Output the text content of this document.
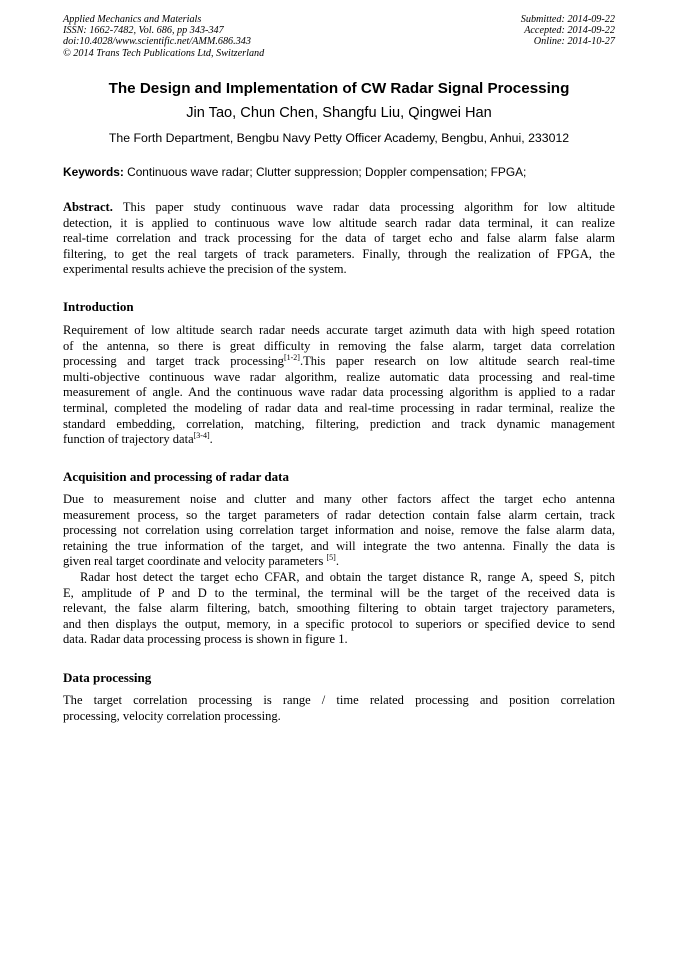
Applied Mechanics and Materials
ISSN: 1662-7482, Vol. 686, pp 343-347
doi:10.4028/www.scientific.net/AMM.686.343
© 2014 Trans Tech Publications Ltd, Switzerland
Submitted: 2014-09-22
Accepted: 2014-09-22
Online: 2014-10-27
The Design and Implementation of CW Radar Signal Processing
Jin Tao, Chun Chen, Shangfu Liu, Qingwei Han
The Forth Department, Bengbu Navy Petty Officer Academy, Bengbu, Anhui, 233012
Keywords: Continuous wave radar; Clutter suppression; Doppler compensation; FPGA;
Abstract. This paper study continuous wave radar data processing algorithm for low altitude
detection, it is applied to continuous wave low altitude search radar data terminal, it can realize
real-time correlation and track processing for the data of target echo and false alarm false alarm
filtering, to get the real targets of track parameters. Finally, through the realization of FPGA, the
experimental results achieve the precision of the system.
Introduction
Requirement of low altitude search radar needs accurate target azimuth data with high speed rotation
of the antenna, so there is great difficulty in removing the false alarm, target data correlation
processing and target track processing[1-2].This paper research on low altitude search real-time
multi-objective continuous wave radar algorithm, realize automatic data processing and real-time
measurement of angle. And the continuous wave radar data processing algorithm is applied to a radar
terminal, completed the modeling of radar data and real-time processing in radar terminal, realize the
standard embedding, correlation, matching, filtering, prediction and track dynamic management
function of trajectory data[3-4].
Acquisition and processing of radar data
Due to measurement noise and clutter and many other factors affect the target echo antenna
measurement process, so the target parameters of radar detection contain false alarm certain, track
processing not correlation using correlation target information and noise, remove the false alarm data,
retaining the true information of the target, and will integrate the two antenna. Finally the data is
given real target coordinate and velocity parameters [5].
Radar host detect the target echo CFAR, and obtain the target distance R, range A, speed S, pitch
E, amplitude of P and D to the terminal, the terminal will be the target of the received data is
relevant, the false alarm filtering, batch, smoothing filtering to obtain target trajectory parameters,
and then displays the output, memory, in a specific protocol to superiors or specified device to send
data. Radar data processing process is shown in figure 1.
Data processing
The target correlation processing is range / time related processing and position correlation
processing, velocity correlation processing.
